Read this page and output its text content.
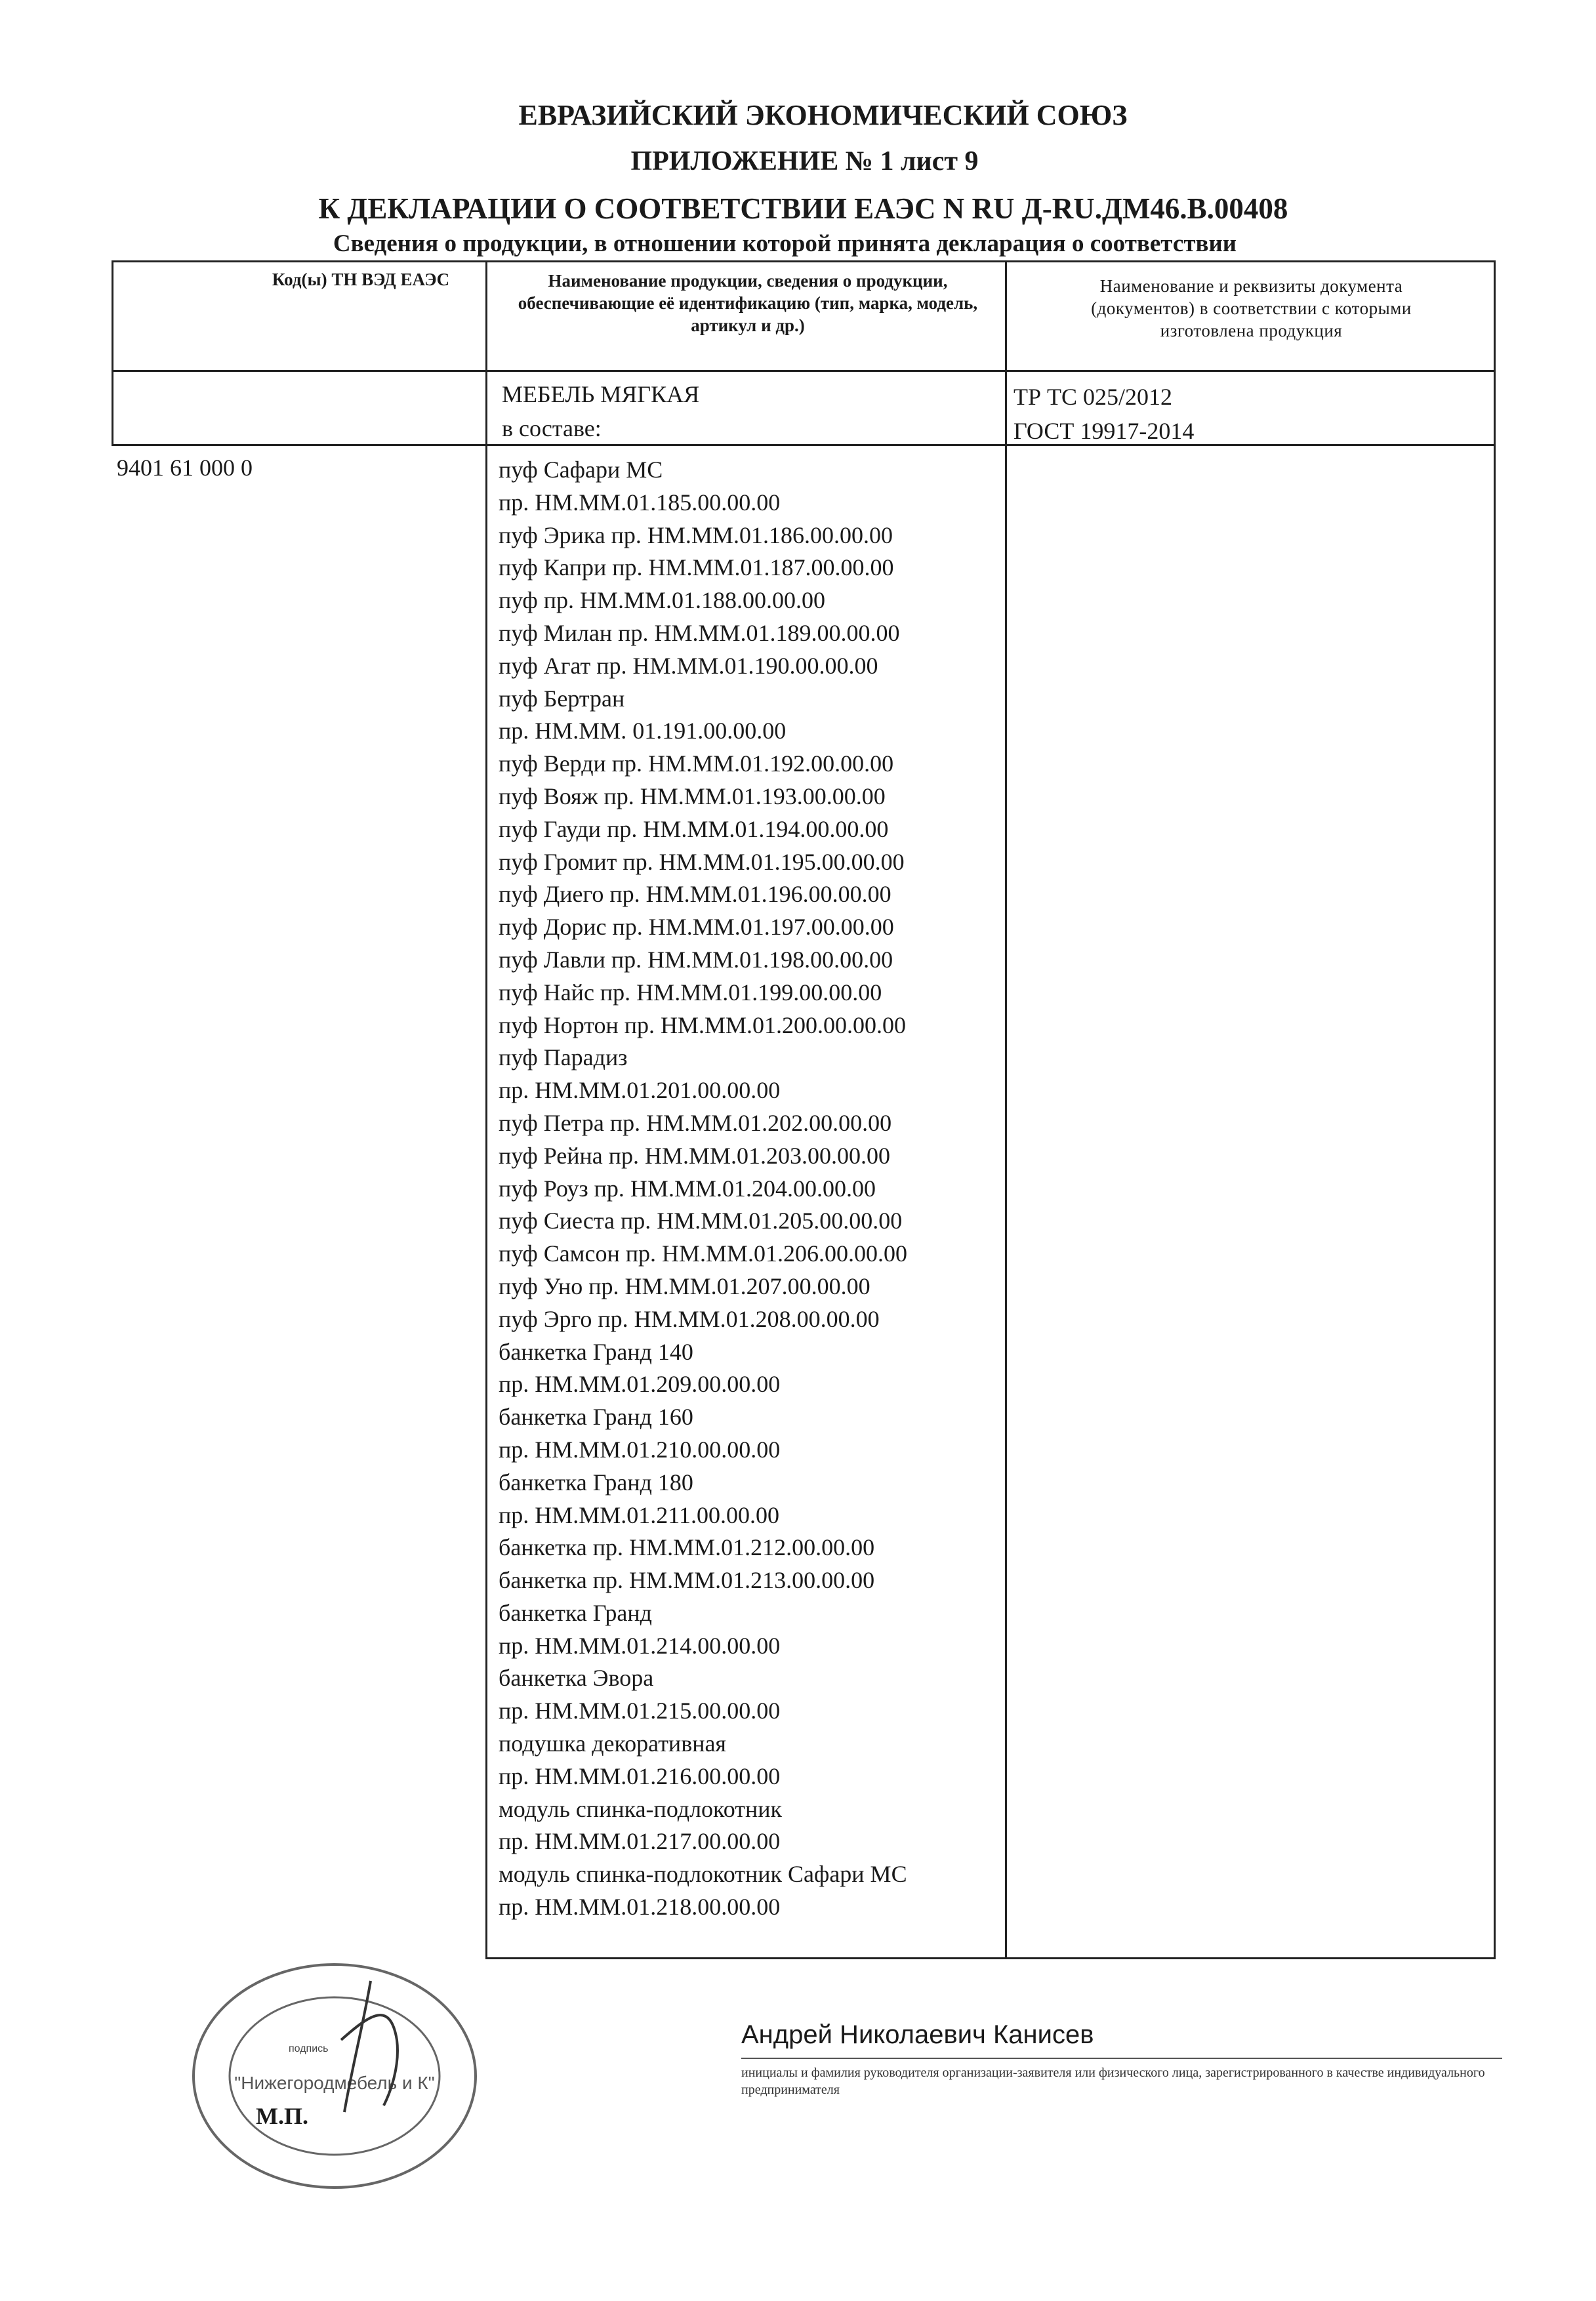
ЕВРАЗИЙСКИЙ ЭКОНОМИЧЕСКИЙ СОЮЗ
ПРИЛОЖЕНИЕ № 1 лист 9
К ДЕКЛАРАЦИИ О СООТВЕТСТВИИ ЕАЭС N RU Д-RU.ДМ46.В.00408
Сведения о продукции, в отношении которой принята декларация о соответствии
Код(ы) ТН ВЭД ЕАЭС	Наименование продукции, сведения о продукции, обеспечивающие её идентификацию (тип, марка, модель, артикул и др.)
Наименование и реквизиты документа
(документов) в соответствии с которыми
изготовлена продукция
МЕБЕЛЬ МЯГКАЯ
в составе:
ТР ТС 025/2012
ГОСТ 19917-2014
9401 61 000 0	пуф Сафари МС
пр. НМ.ММ.01.185.00.00.00
пуф Эрика пр. НМ.ММ.01.186.00.00.00
пуф Капри пр. НМ.ММ.01.187.00.00.00
пуф пр. НМ.ММ.01.188.00.00.00
пуф Милан пр. НМ.ММ.01.189.00.00.00
пуф Агат пр. НМ.ММ.01.190.00.00.00
пуф Бертран
пр. НМ.ММ. 01.191.00.00.00
пуф Верди пр. НМ.ММ.01.192.00.00.00
пуф Вояж пр. НМ.ММ.01.193.00.00.00
пуф Гауди пр. НМ.ММ.01.194.00.00.00
пуф Громит пр. НМ.ММ.01.195.00.00.00
пуф Диего пр. НМ.ММ.01.196.00.00.00
пуф Дорис пр. НМ.ММ.01.197.00.00.00
пуф Лавли пр. НМ.ММ.01.198.00.00.00
пуф Найс пр. НМ.ММ.01.199.00.00.00
пуф Нортон пр. НМ.ММ.01.200.00.00.00
пуф Парадиз
пр. НМ.ММ.01.201.00.00.00
пуф Петра пр. НМ.ММ.01.202.00.00.00
пуф Рейна пр. НМ.ММ.01.203.00.00.00
пуф Роуз пр. НМ.ММ.01.204.00.00.00
пуф Сиеста пр. НМ.ММ.01.205.00.00.00
пуф Самсон пр. НМ.ММ.01.206.00.00.00
пуф Уно пр. НМ.ММ.01.207.00.00.00
пуф Эрго пр. НМ.ММ.01.208.00.00.00
банкетка Гранд 140
пр. НМ.ММ.01.209.00.00.00
банкетка Гранд 160
пр. НМ.ММ.01.210.00.00.00
банкетка Гранд 180
пр. НМ.ММ.01.211.00.00.00
банкетка пр. НМ.ММ.01.212.00.00.00
банкетка пр. НМ.ММ.01.213.00.00.00
банкетка Гранд
пр. НМ.ММ.01.214.00.00.00
банкетка Эвора
пр. НМ.ММ.01.215.00.00.00
подушка декоративная
пр. НМ.ММ.01.216.00.00.00
модуль спинка-подлокотник
пр. НМ.ММ.01.217.00.00.00
модуль спинка-подлокотник Сафари МС
пр. НМ.ММ.01.218.00.00.00
"Нижегородмебель и К"
подпись
М.П.
Андрей Николаевич Канисев
инициалы и фамилия руководителя организации-заявителя или физического лица, зарегистрированного в качестве индивидуального предпринимателя
